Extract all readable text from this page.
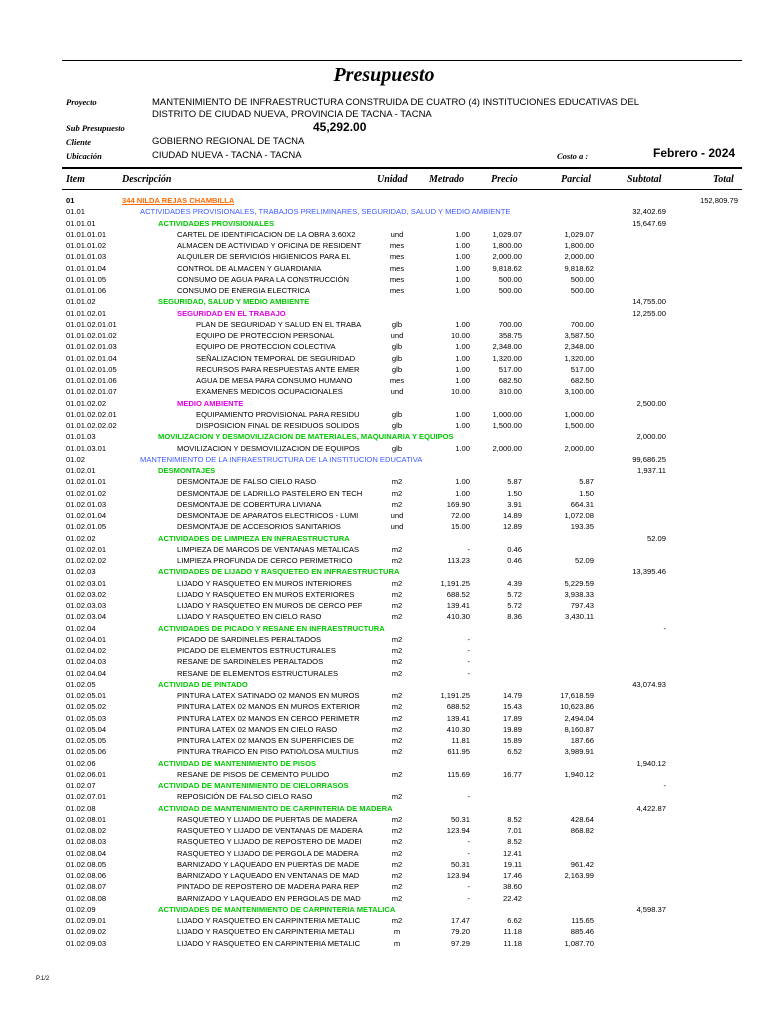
Presupuesto
Proyecto	MANTENIMIENTO DE INFRAESTRUCTURA CONSTRUIDA DE CUATRO (4) INSTITUCIONES EDUCATIVAS DEL
DISTRITO DE CIUDAD NUEVA, PROVINCIA DE TACNA - TACNA
Sub Presupuesto	45,292.00
Cliente	GOBIERNO REGIONAL DE TACNA
Ubicación	CIUDAD NUEVA - TACNA - TACNA	Costo a :	Febrero - 2024
Item	Descripción	Unidad Metrado	Precio	Parcial	Subtotal	Total
01	344 NILDA REJAS CHAMBILLA	152,809.79
01.01	ACTIVIDADES PROVISIONALES, TRABAJOS PRELIMINARES, SEGURIDAD, SALUD Y MEDIO AMBIENTE	32,402.69
01.01.01	ACTIVIDADES PROVISIONALES	15,647.69
01.01.01.01	CARTEL DE IDENTIFICACION DE LA OBRA 3.60X2	und	1.00	1,029.07	1,029.07
01.01.01.02	ALMACEN DE ACTIVIDAD Y OFICINA DE RESIDENT	mes	1.00	1,800.00	1,800.00
01.01.01.03	ALQUILER DE SERVICIOS HIGIENICOS PARA EL	mes	1.00	2,000.00	2,000.00
01.01.01.04	CONTROL DE ALMACEN Y GUARDIANIA	mes	1.00	9,818.62	9,818.62
01.01.01.05	CONSUMO DE AGUA PARA LA CONSTRUCCIÓN	mes	1.00	500.00	500.00
01.01.01.06	CONSUMO DE ENERGIA ELECTRICA	mes	1.00	500.00	500.00
01.01.02	SEGURIDAD, SALUD Y MEDIO AMBIENTE	14,755.00
01.01.02.01	SEGURIDAD EN EL TRABAJO	12,255.00
01.01.02.01.01	PLAN DE SEGURIDAD Y SALUD EN EL TRABA	glb	1.00	700.00	700.00
01.01.02.01.02	EQUIPO DE PROTECCION PERSONAL	und	10.00	358.75	3,587.50
01.01.02.01.03	EQUIPO DE PROTECCION COLECTIVA	glb	1.00	2,348.00	2,348.00
01.01.02.01.04	SEÑALIZACION TEMPORAL DE SEGURIDAD	glb	1.00	1,320.00	1,320.00
01.01.02.01.05	RECURSOS PARA RESPUESTAS ANTE EMER	glb	1.00	517.00	517.00
01.01.02.01.06	AGUA DE MESA PARA CONSUMO HUMANO	mes	1.00	682.50	682.50
01.01.02.01.07	EXAMENES MEDICOS OCUPACIONALES	und	10.00	310.00	3,100.00
01.01.02.02	MEDIO AMBIENTE	2,500.00
01.01.02.02.01	EQUIPAMIENTO PROVISIONAL PARA RESIDU	glb	1.00	1,000.00	1,000.00
01.01.02.02.02	DISPOSICION FINAL DE RESIDUOS SOLIDOS	glb	1.00	1,500.00	1,500.00
01.01.03	MOVILIZACION Y DESMOVILIZACION DE MATERIALES, MAQUINARIA Y EQUIPOS	2,000.00
01.01.03.01	MOVILIZACION Y DESMOVILIZACION DE EQUIPOS	glb	1.00	2,000.00	2,000.00
01.02	MANTENIMIENTO DE LA INFRAESTRUCTURA DE LA INSTITUCION EDUCATIVA	99,686.25
01.02.01	DESMONTAJES	1,937.11
01.02.01.01	DESMONTAJE DE FALSO CIELO RASO	m2	1.00	5.87	5.87
01.02.01.02	DESMONTAJE DE LADRILLO PASTELERO EN TECH	m2	1.00	1.50	1.50
01.02.01.03	DESMONTAJE DE COBERTURA LIVIANA	m2	169.90	3.91	664.31
01.02.01.04	DESMONTAJE DE APARATOS ELECTRICOS - LUMI	und	72.00	14.89	1,072.08
01.02.01.05	DESMONTAJE DE ACCESORIOS SANITARIOS	und	15.00	12.89	193.35
01.02.02	ACTIVIDADES DE LIMPIEZA EN INFRAESTRUCTURA	52.09
01.02.02.01	LIMPIEZA DE MARCOS DE VENTANAS METALICAS	m2	-	0.46
01.02.02.02	LIMPIEZA PROFUNDA DE CERCO PERIMETRICO	m2	113.23	0.46	52.09
01.02.03	ACTIVIDADES DE LIJADO Y RASQUETEO EN INFRAESTRUCTURA	13,395.46
01.02.03.01	LIJADO Y RASQUETEO EN MUROS INTERIORES	m2	1,191.25	4.39	5,229.59
01.02.03.02	LIJADO Y RASQUETEO EN MUROS EXTERIORES	m2	688.52	5.72	3,938.33
01.02.03.03	LIJADO Y RASQUETEO EN MUROS DE CERCO PEF	m2	139.41	5.72	797.43
01.02.03.04	LIJADO Y RASQUETEO EN CIELO RASO	m2	410.30	8.36	3,430.11
01.02.04	ACTIVIDADES DE PICADO Y RESANE EN INFRAESTRUCTURA	-
01.02.04.01	PICADO DE SARDINELES PERALTADOS	m2	-
01.02.04.02	PICADO DE ELEMENTOS ESTRUCTURALES	m2	-
01.02.04.03	RESANE DE SARDINELES PERALTADOS	m2	-
01.02.04.04	RESANE DE ELEMENTOS ESTRUCTURALES	m2	-
01.02.05	ACTIVIDAD DE PINTADO	43,074.93
01.02.05.01	PINTURA LATEX SATINADO 02 MANOS EN MUROS	m2	1,191.25	14.79	17,618.59
01.02.05.02	PINTURA LATEX 02 MANOS EN MUROS EXTERIOR	m2	688.52	15.43	10,623.86
01.02.05.03	PINTURA LATEX 02 MANOS EN CERCO PERIMETR	m2	139.41	17.89	2,494.04
01.02.05.04	PINTURA LATEX 02 MANOS EN CIELO RASO	m2	410.30	19.89	8,160.87
01.02.05.05	PINTURA LATEX 02 MANOS EN SUPERFICIES DE	m2	11.81	15.89	187.66
01.02.05.06	PINTURA TRAFICO EN PISO PATIO/LOSA MULTIUS	m2	611.95	6.52	3,989.91
01.02.06	ACTIVIDAD DE MANTENIMIENTO DE PISOS	1,940.12
01.02.06.01	RESANE DE PISOS DE CEMENTO PULIDO	m2	115.69	16.77	1,940.12
01.02.07	ACTIVIDAD DE MANTENIMIENTO DE CIELORRASOS	-
01.02.07.01	REPOSICIÓN DE FALSO CIELO RASO	m2	-
01.02.08	ACTIVIDAD DE MANTENIMIENTO DE CARPINTERIA DE MADERA	4,422.87
01.02.08.01	RASQUETEO Y LIJADO DE PUERTAS DE MADERA	m2	50.31	8.52	428.64
01.02.08.02	RASQUETEO Y LIJADO DE VENTANAS DE MADERA	m2	123.94	7.01	868.82
01.02.08.03	RASQUETEO Y LIJADO DE REPOSTERO DE MADEI	m2	-	8.52
01.02.08.04	RASQUETEO Y LIJADO DE PERGOLA DE MADERA	m2	-	12.41
01.02.08.05	BARNIZADO Y LAQUEADO EN PUERTAS DE MADE	m2	50.31	19.11	961.42
01.02.08.06	BARNIZADO Y LAQUEADO EN VENTANAS DE MAD	m2	123.94	17.46	2,163.99
01.02.08.07	PINTADO DE REPOSTERO DE MADERA PARA REP	m2	-	38.60
01.02.08.08	BARNIZADO Y LAQUEADO EN PERGOLAS DE MAD	m2	-	22.42
01.02.09	ACTIVIDADES DE MANTENIMIENTO DE CARPINTERIA METALICA	4,598.37
01.02.09.01	LIJADO Y RASQUETEO EN CARPINTERIA METALIC	m2	17.47	6.62	115.65
01.02.09.02	LIJADO Y RASQUETEO EN CARPINTERIA METALI	m	79.20	11.18	885.46
01.02.09.03	LIJADO Y RASQUETEO EN CARPINTERIA METALIC	m	97.29	11.18	1,087.70
P.1/2
